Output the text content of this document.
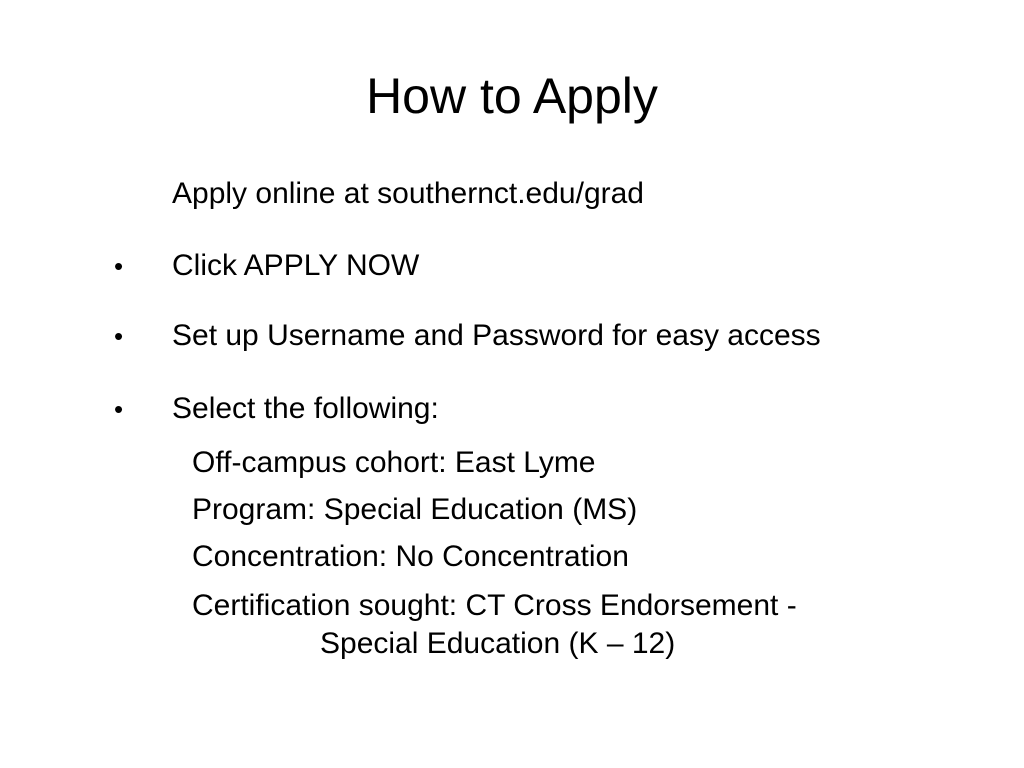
How to Apply
Apply online at southernct.edu/grad
• Click APPLY NOW
• Set up Username and Password for easy access
• Select the following:
Off-campus cohort: East Lyme
Program: Special Education (MS)
Concentration: No Concentration
Certification sought: CT Cross Endorsement -
Special Education (K – 12)
